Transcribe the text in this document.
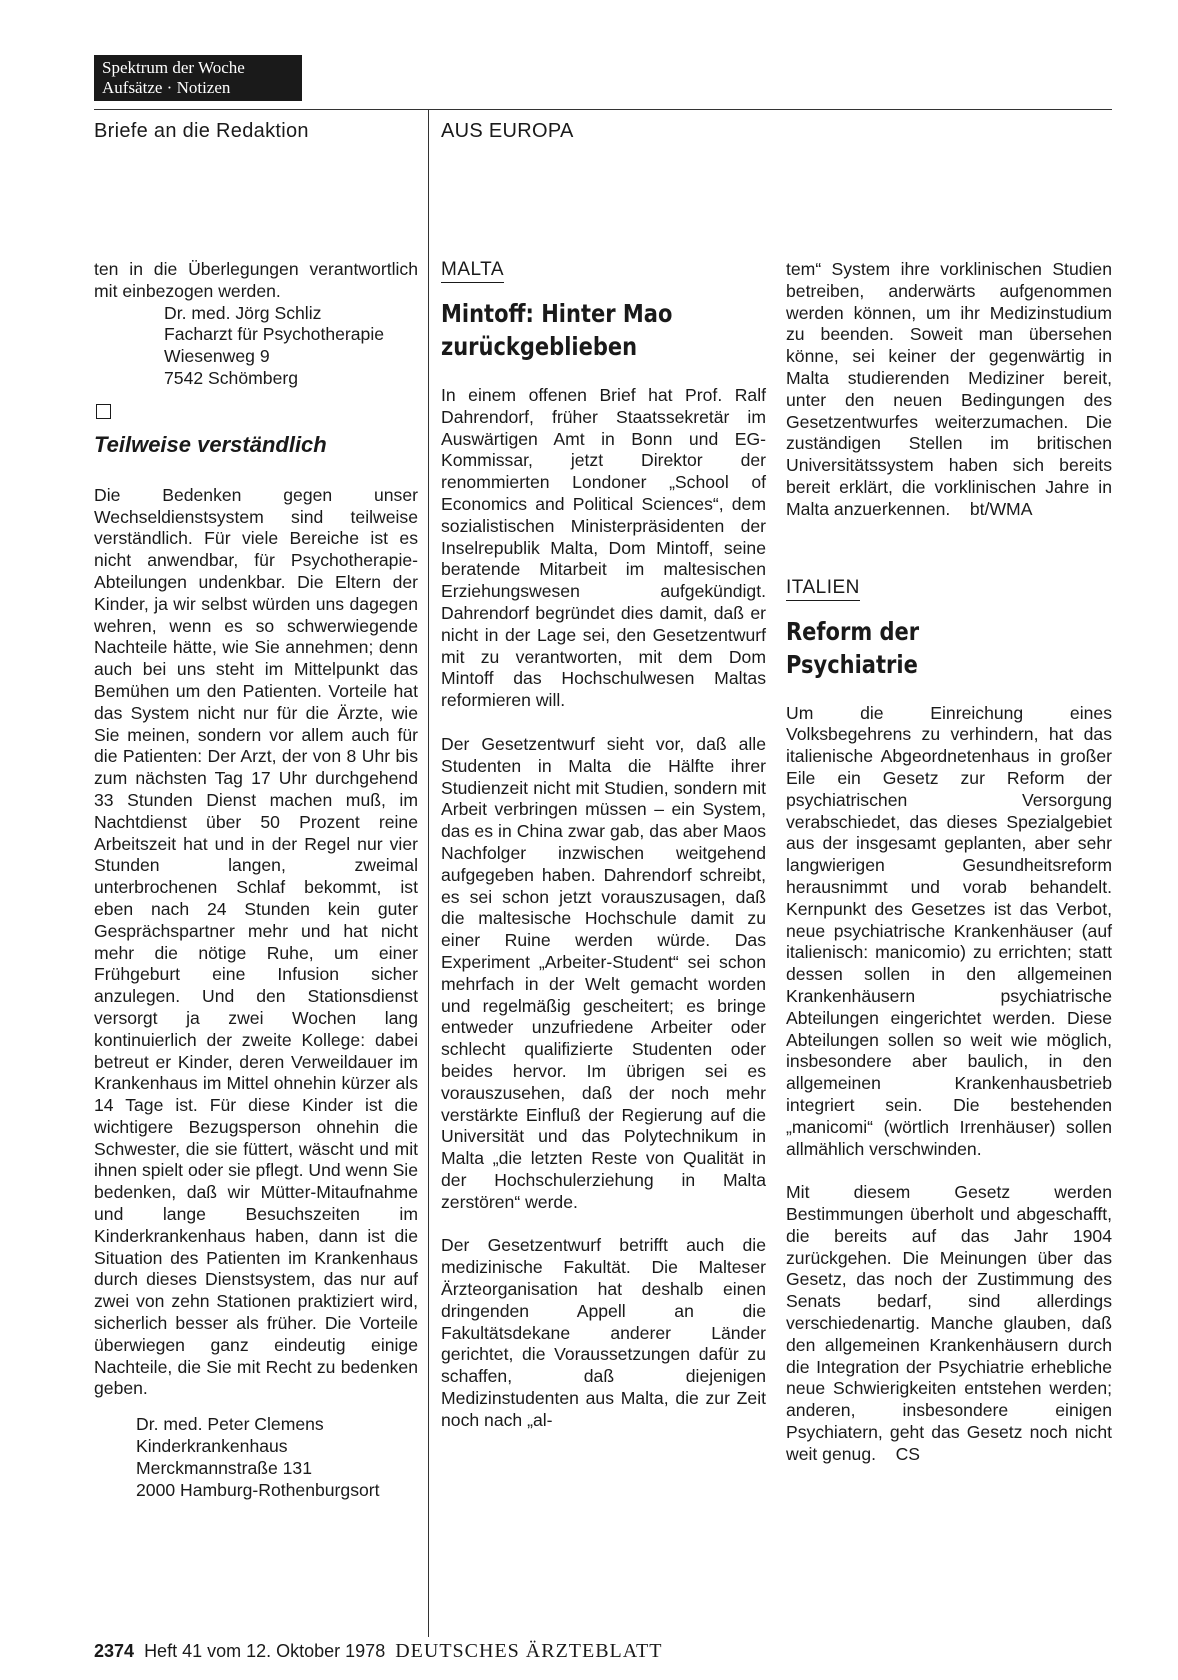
Spektrum der Woche
Aufsätze · Notizen
Briefe an die Redaktion	AUS EUROPA

ten in die Überlegungen verantwortlich mit einbezogen werden.

Dr. med. Jörg Schliz
Facharzt für Psychotherapie
Wiesenweg 9
7542 Schömberg
Teilweise verständlich

Die Bedenken gegen unser Wechseldienstsystem sind teilweise verständlich. Für viele Bereiche ist es nicht anwendbar, für Psychotherapie-Abteilungen undenkbar. Die Eltern der Kinder, ja wir selbst würden uns dagegen wehren, wenn es so schwerwiegende Nachteile hätte, wie Sie annehmen; denn auch bei uns steht im Mittelpunkt das Bemühen um den Patienten. Vorteile hat das System nicht nur für die Ärzte, wie Sie meinen, sondern vor allem auch für die Patienten: Der Arzt, der von 8 Uhr bis zum nächsten Tag 17 Uhr durchgehend 33 Stunden Dienst machen muß, im Nachtdienst über 50 Prozent reine Arbeitszeit hat und in der Regel nur vier Stunden langen, zweimal unterbrochenen Schlaf bekommt, ist eben nach 24 Stunden kein guter Gesprächspartner mehr und hat nicht mehr die nötige Ruhe, um einer Frühgeburt eine Infusion sicher anzulegen. Und den Stationsdienst versorgt ja zwei Wochen lang kontinuierlich der zweite Kollege: dabei betreut er Kinder, deren Verweildauer im Krankenhaus im Mittel ohnehin kürzer als 14 Tage ist. Für diese Kinder ist die wichtigere Bezugsperson ohnehin die Schwester, die sie füttert, wäscht und mit ihnen spielt oder sie pflegt. Und wenn Sie bedenken, daß wir Mütter-Mitaufnahme und lange Besuchszeiten im Kinderkrankenhaus haben, dann ist die Situation des Patienten im Krankenhaus durch dieses Dienstsystem, das nur auf zwei von zehn Stationen praktiziert wird, sicherlich besser als früher. Die Vorteile überwiegen ganz eindeutig einige Nachteile, die Sie mit Recht zu bedenken geben.

Dr. med. Peter Clemens
Kinderkrankenhaus
Merckmannstraße 131
2000 Hamburg-Rothenburgsort
MALTA
Mintoff: Hinter Mao zurückgeblieben

In einem offenen Brief hat Prof. Ralf Dahrendorf, früher Staatssekretär im Auswärtigen Amt in Bonn und EG-Kommissar, jetzt Direktor der renommierten Londoner „School of Economics and Political Sciences“, dem sozialistischen Ministerpräsidenten der Inselrepublik Malta, Dom Mintoff, seine beratende Mitarbeit im maltesischen Erziehungswesen aufgekündigt. Dahrendorf begründet dies damit, daß er nicht in der Lage sei, den Gesetzentwurf mit zu verantworten, mit dem Dom Mintoff das Hochschulwesen Maltas reformieren will.

Der Gesetzentwurf sieht vor, daß alle Studenten in Malta die Hälfte ihrer Studienzeit nicht mit Studien, sondern mit Arbeit verbringen müssen – ein System, das es in China zwar gab, das aber Maos Nachfolger inzwischen weitgehend aufgegeben haben. Dahrendorf schreibt, es sei schon jetzt vorauszusagen, daß die maltesische Hochschule damit zu einer Ruine werden würde. Das Experiment „Arbeiter-Student“ sei schon mehrfach in der Welt gemacht worden und regelmäßig gescheitert; es bringe entweder unzufriedene Arbeiter oder schlecht qualifizierte Studenten oder beides hervor. Im übrigen sei es vorauszusehen, daß der noch mehr verstärkte Einfluß der Regierung auf die Universität und das Polytechnikum in Malta „die letzten Reste von Qualität in der Hochschulerziehung in Malta zerstören“ werde.

Der Gesetzentwurf betrifft auch die medizinische Fakultät. Die Malteser Ärzteorganisation hat deshalb einen dringenden Appell an die Fakultätsdekane anderer Länder gerichtet, die Voraussetzungen dafür zu schaffen, daß diejenigen Medizinstudenten aus Malta, die zur Zeit noch nach „al-

tem“ System ihre vorklinischen Studien betreiben, anderwärts aufgenommen werden können, um ihr Medizinstudium zu beenden. Soweit man übersehen könne, sei keiner der gegenwärtig in Malta studierenden Mediziner bereit, unter den neuen Bedingungen des Gesetzentwurfes weiterzumachen. Die zuständigen Stellen im britischen Universitätssystem haben sich bereits bereit erklärt, die vorklinischen Jahre in Malta anzuerkennen. bt/WMA

ITALIEN
Reform der Psychiatrie

Um die Einreichung eines Volksbegehrens zu verhindern, hat das italienische Abgeordnetenhaus in großer Eile ein Gesetz zur Reform der psychiatrischen Versorgung verabschiedet, das dieses Spezialgebiet aus der insgesamt geplanten, aber sehr langwierigen Gesundheitsreform herausnimmt und vorab behandelt. Kernpunkt des Gesetzes ist das Verbot, neue psychiatrische Krankenhäuser (auf italienisch: manicomio) zu errichten; statt dessen sollen in den allgemeinen Krankenhäusern psychiatrische Abteilungen eingerichtet werden. Diese Abteilungen sollen so weit wie möglich, insbesondere aber baulich, in den allgemeinen Krankenhausbetrieb integriert sein. Die bestehenden „manicomi“ (wörtlich Irrenhäuser) sollen allmählich verschwinden.

Mit diesem Gesetz werden Bestimmungen überholt und abgeschafft, die bereits auf das Jahr 1904 zurückgehen. Die Meinungen über das Gesetz, das noch der Zustimmung des Senats bedarf, sind allerdings verschiedenartig. Manche glauben, daß den allgemeinen Krankenhäusern durch die Integration der Psychiatrie erhebliche neue Schwierigkeiten entstehen werden; anderen, insbesondere einigen Psychiatern, geht das Gesetz noch nicht weit genug. CS

2374 Heft 41 vom 12. Oktober 1978 DEUTSCHES ÄRZTEBLATT
